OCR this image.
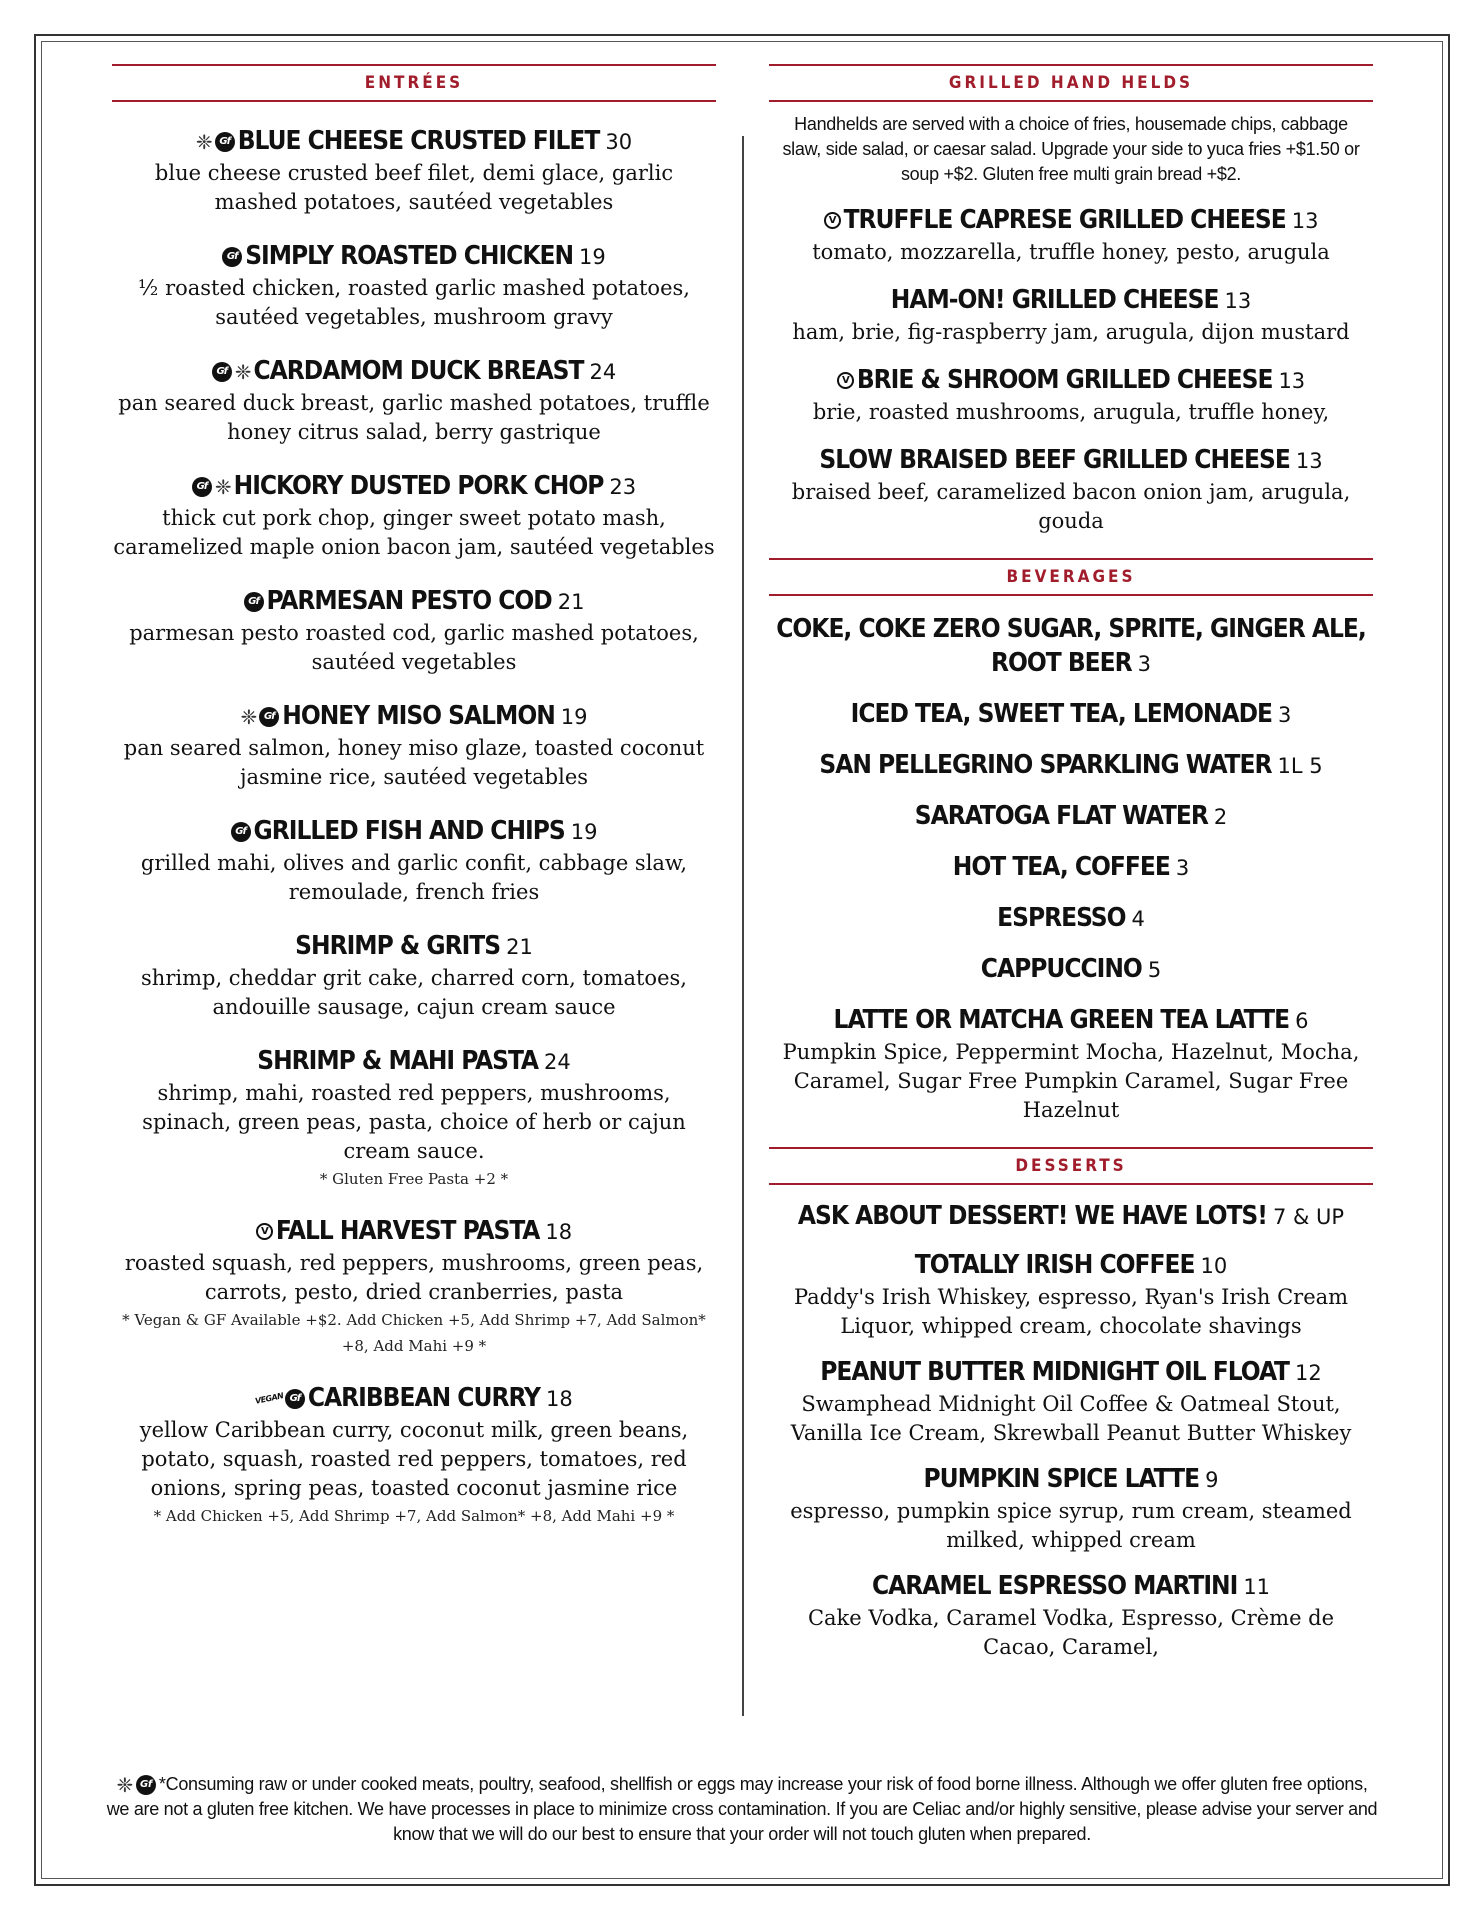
ENTRÉES
❈ Gf BLUE CHEESE CRUSTED FILET 30
blue cheese crusted beef filet, demi glace, garlic mashed potatoes, sautéed vegetables
Gf SIMPLY ROASTED CHICKEN 19
½ roasted chicken, roasted garlic mashed potatoes, sautéed vegetables, mushroom gravy
Gf ❈ CARDAMOM DUCK BREAST 24
pan seared duck breast, garlic mashed potatoes, truffle honey citrus salad, berry gastrique
Gf ❈ HICKORY DUSTED PORK CHOP 23
thick cut pork chop, ginger sweet potato mash, caramelized maple onion bacon jam, sautéed vegetables
Gf PARMESAN PESTO COD 21
parmesan pesto roasted cod, garlic mashed potatoes, sautéed vegetables
❈ Gf HONEY MISO SALMON 19
pan seared salmon, honey miso glaze, toasted coconut jasmine rice, sautéed vegetables
Gf GRILLED FISH AND CHIPS 19
grilled mahi, olives and garlic confit, cabbage slaw, remoulade, french fries
SHRIMP & GRITS 21
shrimp, cheddar grit cake, charred corn, tomatoes, andouille sausage, cajun cream sauce
SHRIMP & MAHI PASTA 24
shrimp, mahi, roasted red peppers, mushrooms, spinach, green peas, pasta, choice of herb or cajun cream sauce.
* Gluten Free Pasta +2 *
V FALL HARVEST PASTA 18
roasted squash, red peppers, mushrooms, green peas, carrots, pesto, dried cranberries, pasta
* Vegan & GF Available +$2. Add Chicken +5, Add Shrimp +7, Add Salmon* +8, Add Mahi +9 *
VEGAN Gf CARIBBEAN CURRY 18
yellow Caribbean curry, coconut milk, green beans, potato, squash, roasted red peppers, tomatoes, red onions, spring peas, toasted coconut jasmine rice
* Add Chicken +5, Add Shrimp +7, Add Salmon* +8, Add Mahi +9 *
GRILLED HAND HELDS
Handhelds are served with a choice of fries, housemade chips, cabbage slaw, side salad, or caesar salad. Upgrade your side to yuca fries +$1.50 or soup +$2. Gluten free multi grain bread +$2.
V TRUFFLE CAPRESE GRILLED CHEESE 13
tomato, mozzarella, truffle honey, pesto, arugula
HAM-ON! GRILLED CHEESE 13
ham, brie, fig-raspberry jam, arugula, dijon mustard
V BRIE & SHROOM GRILLED CHEESE 13
brie, roasted mushrooms, arugula, truffle honey,
SLOW BRAISED BEEF GRILLED CHEESE 13
braised beef, caramelized bacon onion jam, arugula, gouda
BEVERAGES
COKE, COKE ZERO SUGAR, SPRITE, GINGER ALE, ROOT BEER 3
ICED TEA, SWEET TEA, LEMONADE 3
SAN PELLEGRINO SPARKLING WATER 1L 5
SARATOGA FLAT WATER 2
HOT TEA, COFFEE 3
ESPRESSO 4
CAPPUCCINO 5
LATTE OR MATCHA GREEN TEA LATTE 6
Pumpkin Spice, Peppermint Mocha, Hazelnut, Mocha, Caramel, Sugar Free Pumpkin Caramel, Sugar Free Hazelnut
DESSERTS
ASK ABOUT DESSERT! WE HAVE LOTS! 7 & UP
TOTALLY IRISH COFFEE 10
Paddy's Irish Whiskey, espresso, Ryan's Irish Cream Liquor, whipped cream, chocolate shavings
PEANUT BUTTER MIDNIGHT OIL FLOAT 12
Swamphead Midnight Oil Coffee & Oatmeal Stout, Vanilla Ice Cream, Skrewball Peanut Butter Whiskey
PUMPKIN SPICE LATTE 9
espresso, pumpkin spice syrup, rum cream, steamed milked, whipped cream
CARAMEL ESPRESSO MARTINI 11
Cake Vodka, Caramel Vodka, Espresso, Crème de Cacao, Caramel,
❈ Gf *Consuming raw or under cooked meats, poultry, seafood, shellfish or eggs may increase your risk of food borne illness. Although we offer gluten free options, we are not a gluten free kitchen. We have processes in place to minimize cross contamination. If you are Celiac and/or highly sensitive, please advise your server and know that we will do our best to ensure that your order will not touch gluten when prepared.
